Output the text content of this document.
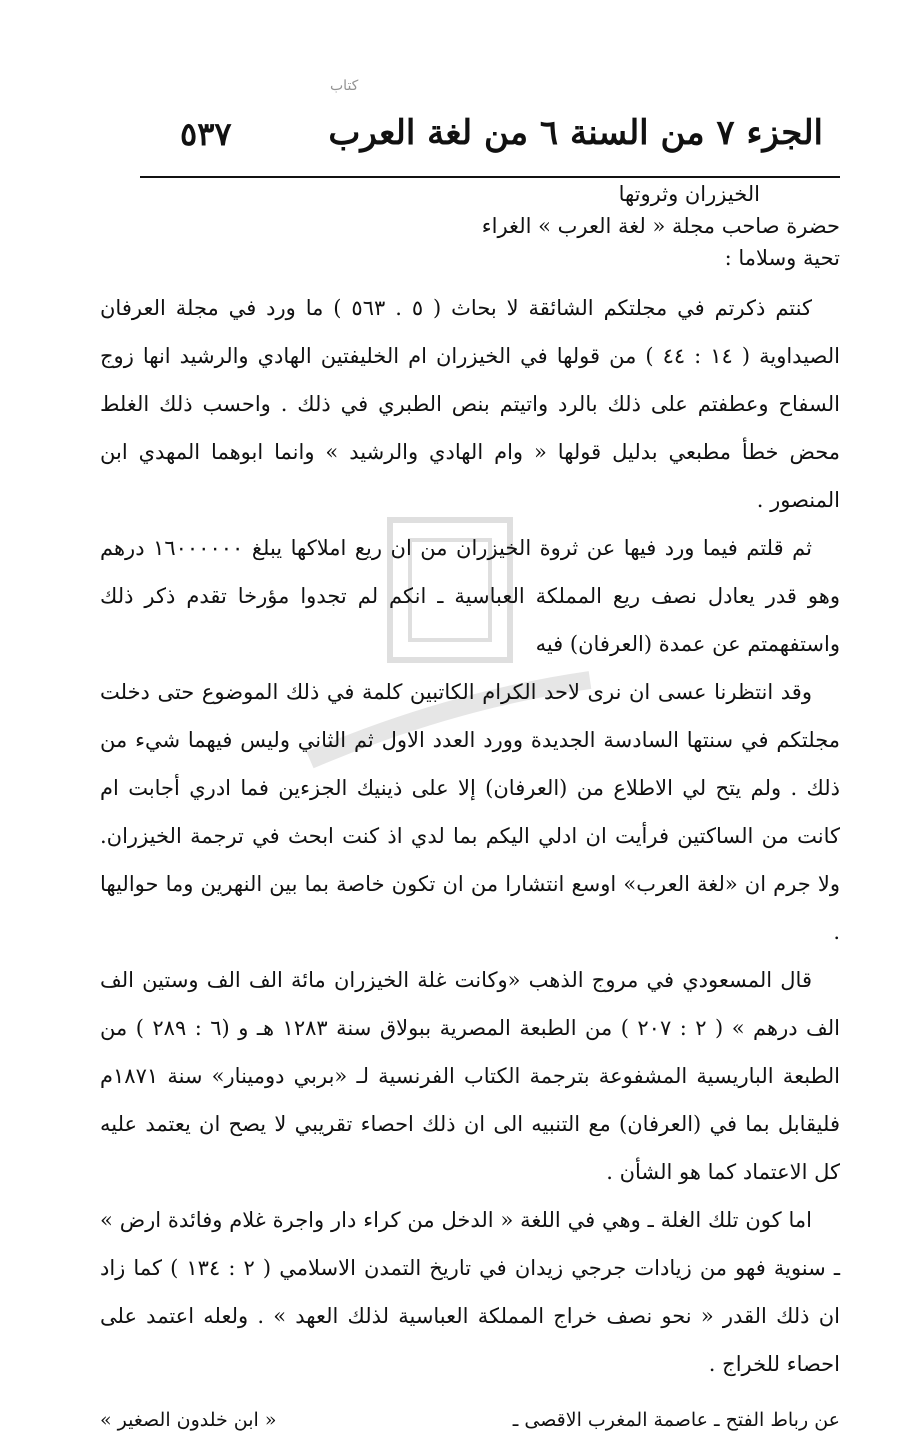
كتاب
الجزء ٧ من السنة ٦ من لغة العرب
٥٣٧
الخيزران وثروتها
حضرة صاحب مجلة « لغة العرب » الغراء
تحية وسلاما :

كنتم ذكرتم في مجلتكم الشائقة لا بحاث ( ٥ . ٥٦٣ ) ما ورد في مجلة العرفان الصيداوية ( ١٤ : ٤٤ ) من قولها في الخيزران ام الخليفتين الهادي والرشيد انها زوج السفاح وعطفتم على ذلك بالرد واتيتم بنص الطبري في ذلك . واحسب ذلك الغلط محض خطأ مطبعي بدليل قولها « وام الهادي والرشيد » وانما ابوهما المهدي ابن المنصور .

ثم قلتم فيما ورد فيها عن ثروة الخيزران من ان ريع املاكها يبلغ ١٦٠٠٠٠٠٠ درهم وهو قدر يعادل نصف ريع المملكة العباسية ـ انكم لم تجدوا مؤرخا تقدم ذكر ذلك واستفهمتم عن عمدة (العرفان) فيه

وقد انتظرنا عسى ان نرى لاحد الكرام الكاتبين كلمة في ذلك الموضوع حتى دخلت مجلتكم في سنتها السادسة الجديدة وورد العدد الاول ثم الثاني وليس فيهما شيء من ذلك . ولم يتح لي الاطلاع من (العرفان) إلا على ذينيك الجزءين فما ادري أجابت ام كانت من الساكتين فرأيت ان ادلي اليكم بما لدي اذ كنت ابحث في ترجمة الخيزران. ولا جرم ان «لغة العرب» اوسع انتشارا من ان تكون خاصة بما بين النهرين وما حواليها .

قال المسعودي في مروج الذهب «وكانت غلة الخيزران مائة الف الف وستين الف الف درهم » ( ٢ : ٢٠٧ ) من الطبعة المصرية ببولاق سنة ١٢٨٣ هـ و (٦ : ٢٨٩ ) من الطبعة الباريسية المشفوعة بترجمة الكتاب الفرنسية لـ «بربي دومينار» سنة ١٨٧١م فليقابل بما في (العرفان) مع التنبيه الى ان ذلك احصاء تقريبي لا يصح ان يعتمد عليه كل الاعتماد كما هو الشأن .

اما كون تلك الغلة ـ وهي في اللغة « الدخل من كراء دار واجرة غلام وفائدة ارض » ـ سنوية فهو من زيادات جرجي زيدان في تاريخ التمدن الاسلامي ( ٢ : ١٣٤ ) كما زاد ان ذلك القدر « نحو نصف خراج المملكة العباسية لذلك العهد » . ولعله اعتمد على احصاء للخراج .

عن رباط الفتح ـ عاصمة المغرب الاقصى ـ
« ابن خلدون الصغير »
